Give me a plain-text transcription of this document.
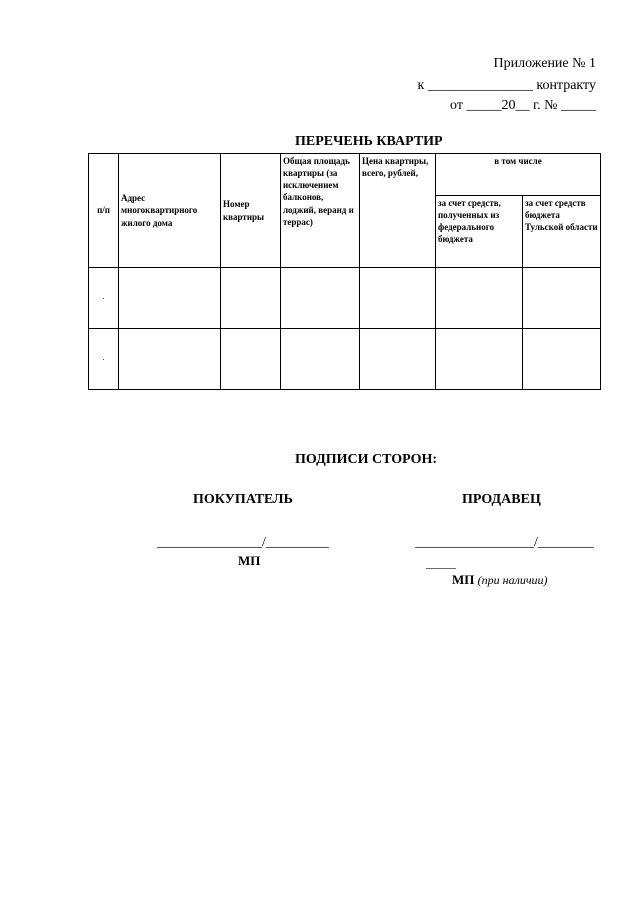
Приложение № 1
к _______________ контракту
от _____20__ г. № _____
ПЕРЕЧЕНЬ КВАРТИР
п/п	Адрес многоквартирного жилого дома	Номер квартиры	Общая площадь квартиры (за исключением балконов, лоджий, веранд и террас)	Цена квартиры, всего, рублей,	в том числе	
					за счет средств, полученных из федерального бюджета	за счет средств бюджета Тульской области
.						
.						
ПОДПИСИ СТОРОН:
ПОКУПАТЕЛЬ	ПРОДАВЕЦ
_______________/_________	_________________/________
_____
МП
МП (при наличии)
